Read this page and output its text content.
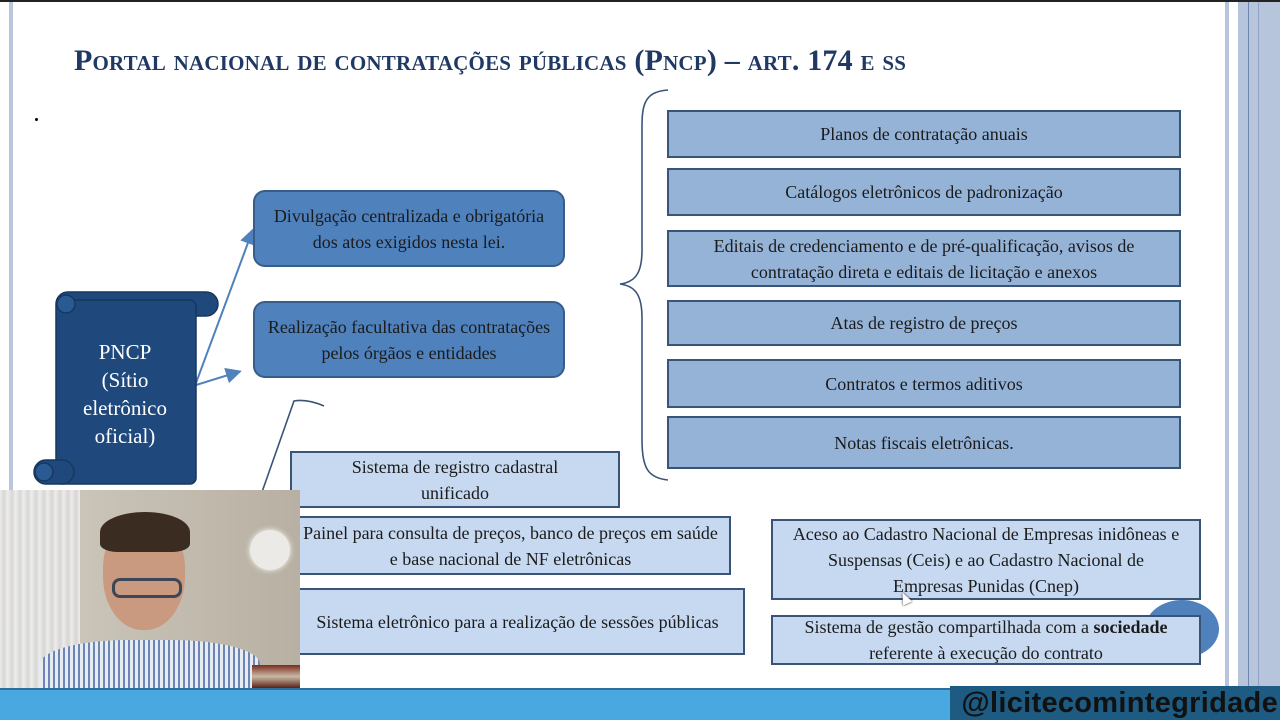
Portal nacional de contratações públicas (Pncp) – art. 174 e ss
PNCP
(Sítio
eletrônico
oficial)
Divulgação centralizada e obrigatória dos atos exigidos nesta lei.
Realização facultativa das contratações pelos órgãos e entidades
Planos de contratação anuais
Catálogos eletrônicos de padronização
Editais de credenciamento e de pré-qualificação, avisos de contratação direta e editais de licitação e anexos
Atas de registro de preços
Contratos e termos aditivos
Notas fiscais eletrônicas.
Sistema de registro cadastral unificado
Painel para consulta de preços, banco de preços em saúde e base nacional de NF eletrônicas
Sistema eletrônico para a realização de sessões públicas
Aceso ao Cadastro Nacional de Empresas inidôneas e Suspensas (Ceis) e ao Cadastro Nacional de Empresas Punidas (Cnep)
Sistema de gestão compartilhada com a sociedade referente à execução do contrato
@licitecomintegridade
